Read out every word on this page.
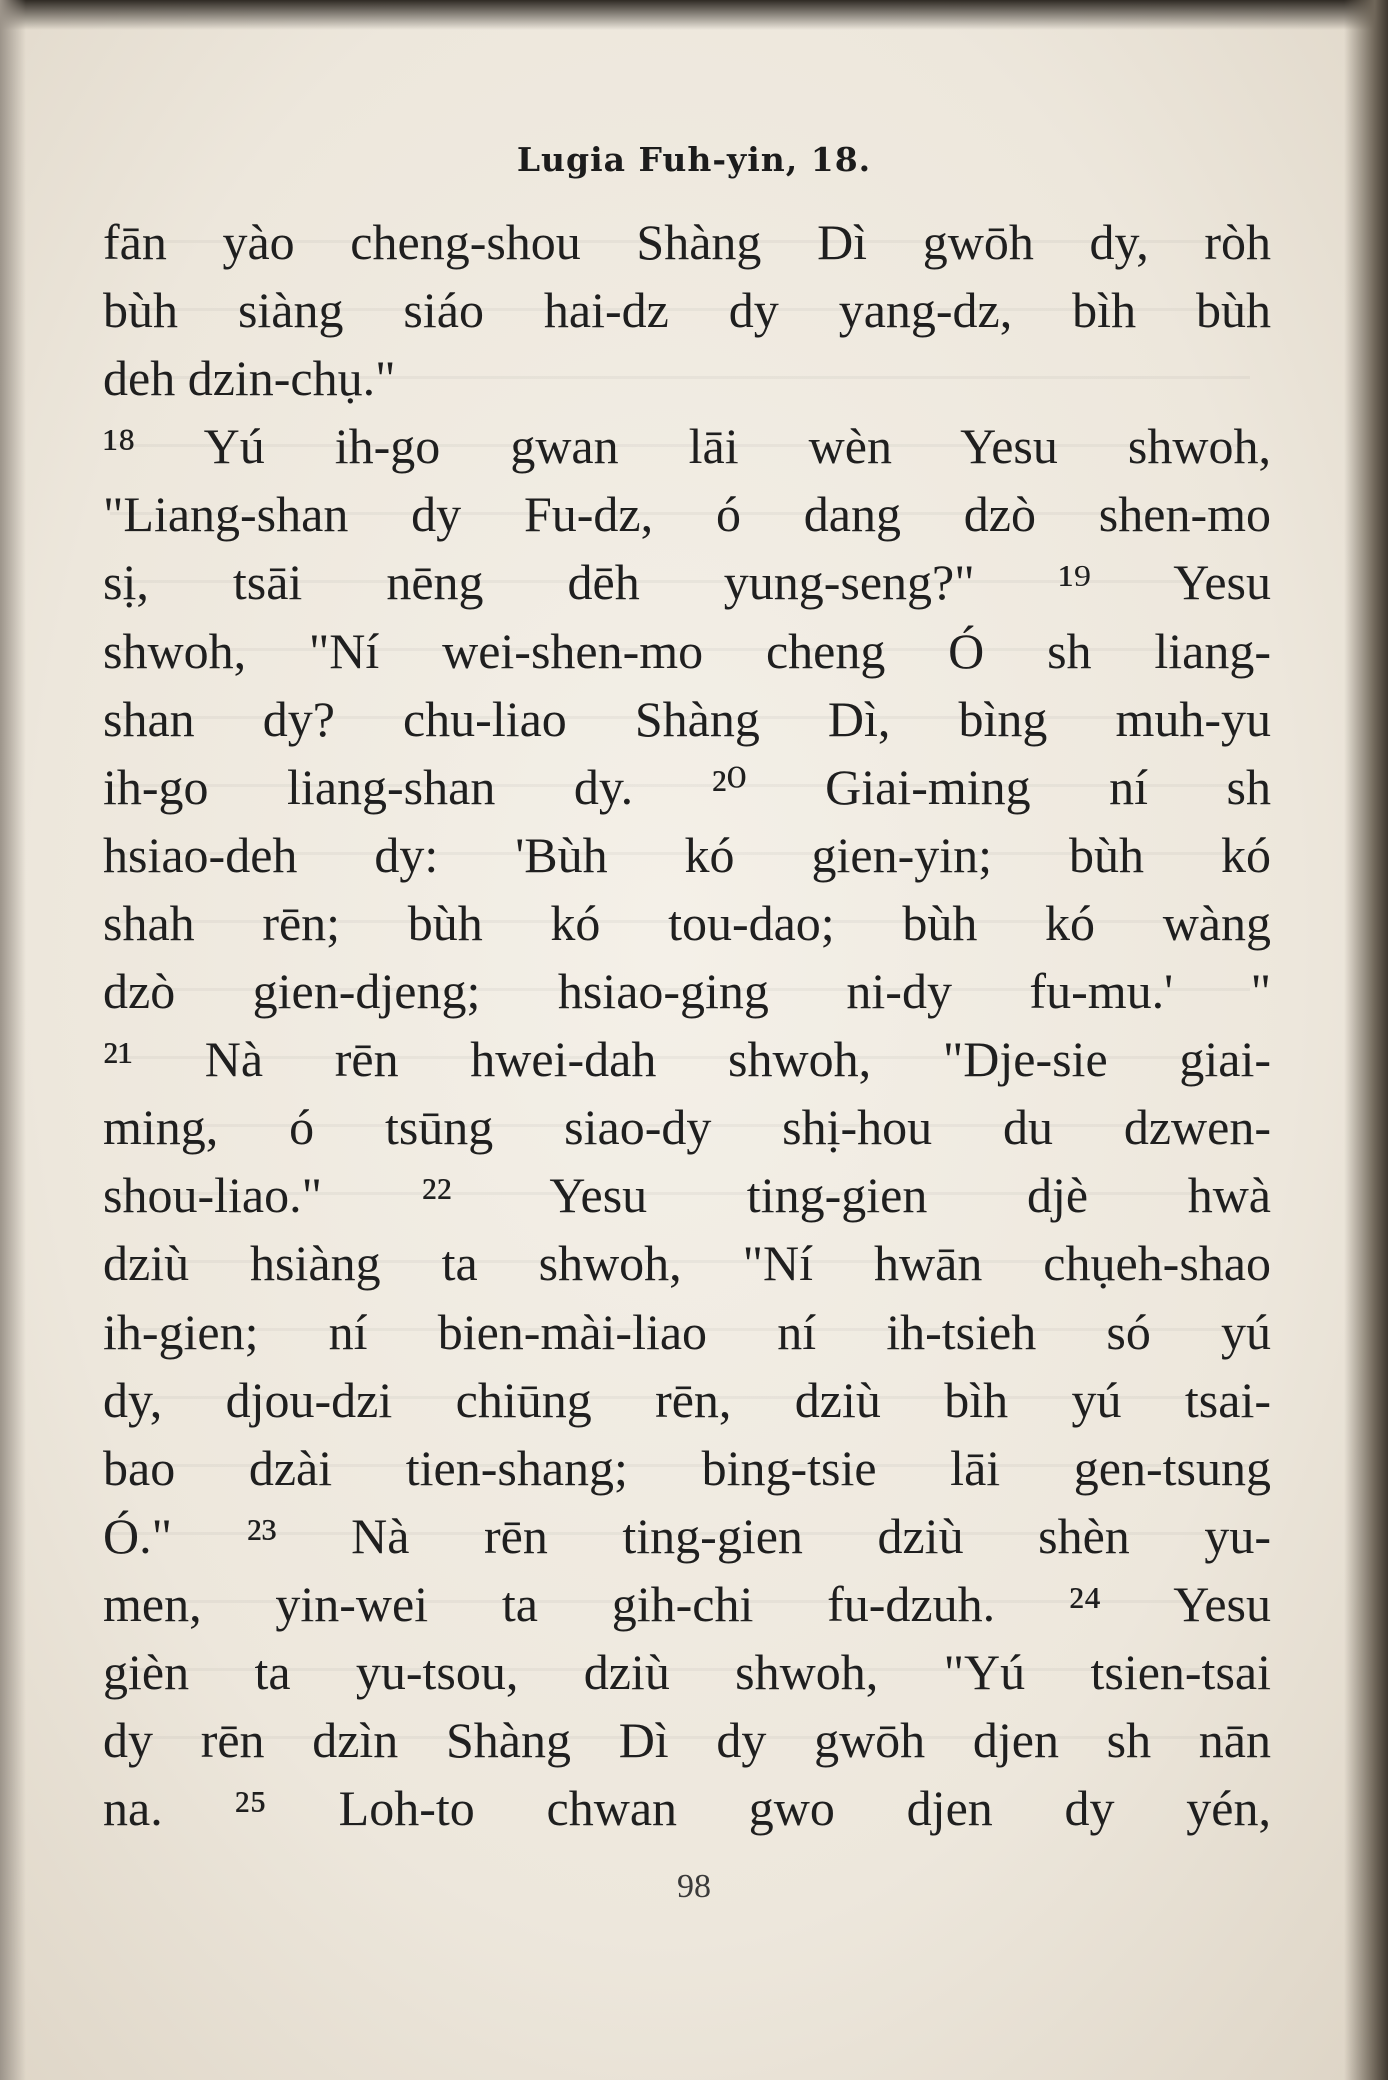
Lugia Fuh-yin, 18.
fān yào cheng-shou Shàng Dì gwōh dy, ròh
bùh siàng siáo hai-dz dy yang-dz, bìh bùh
deh dzin-chụ."
¹⁸ Yú ih-go gwan lāi wèn Yesu shwoh,
"Liang-shan dy Fu-dz, ó dang dzò shen-mo
sị, tsāi nēng dēh yung-seng?" ¹⁹ Yesu
shwoh, "Ní wei-shen-mo cheng Ó sh liang-
shan dy? chu-liao Shàng Dì, bìng muh-yu
ih-go liang-shan dy. ²⁰ Giai-ming ní sh
hsiao-deh dy: 'Bùh kó gien-yin; bùh kó
shah rēn; bùh kó tou-dao; bùh kó wàng
dzò gien-djeng; hsiao-ging ni-dy fu-mu.' "
²¹ Nà rēn hwei-dah shwoh, "Dje-sie giai-
ming, ó tsūng siao-dy shị-hou du dzwen-
shou-liao." ²² Yesu ting-gien djè hwà
dziù hsiàng ta shwoh, "Ní hwān chụeh-shao
ih-gien; ní bien-mài-liao ní ih-tsieh só yú
dy, djou-dzi chiūng rēn, dziù bìh yú tsai-
bao dzài tien-shang; bing-tsie lāi gen-tsung
Ó." ²³ Nà rēn ting-gien dziù shèn yu-
men, yin-wei ta gih-chi fu-dzuh. ²⁴ Yesu
gièn ta yu-tsou, dziù shwoh, "Yú tsien-tsai
dy rēn dzìn Shàng Dì dy gwōh djen sh nān
na. ²⁵ Loh-to chwan gwo djen dy yén,
98
